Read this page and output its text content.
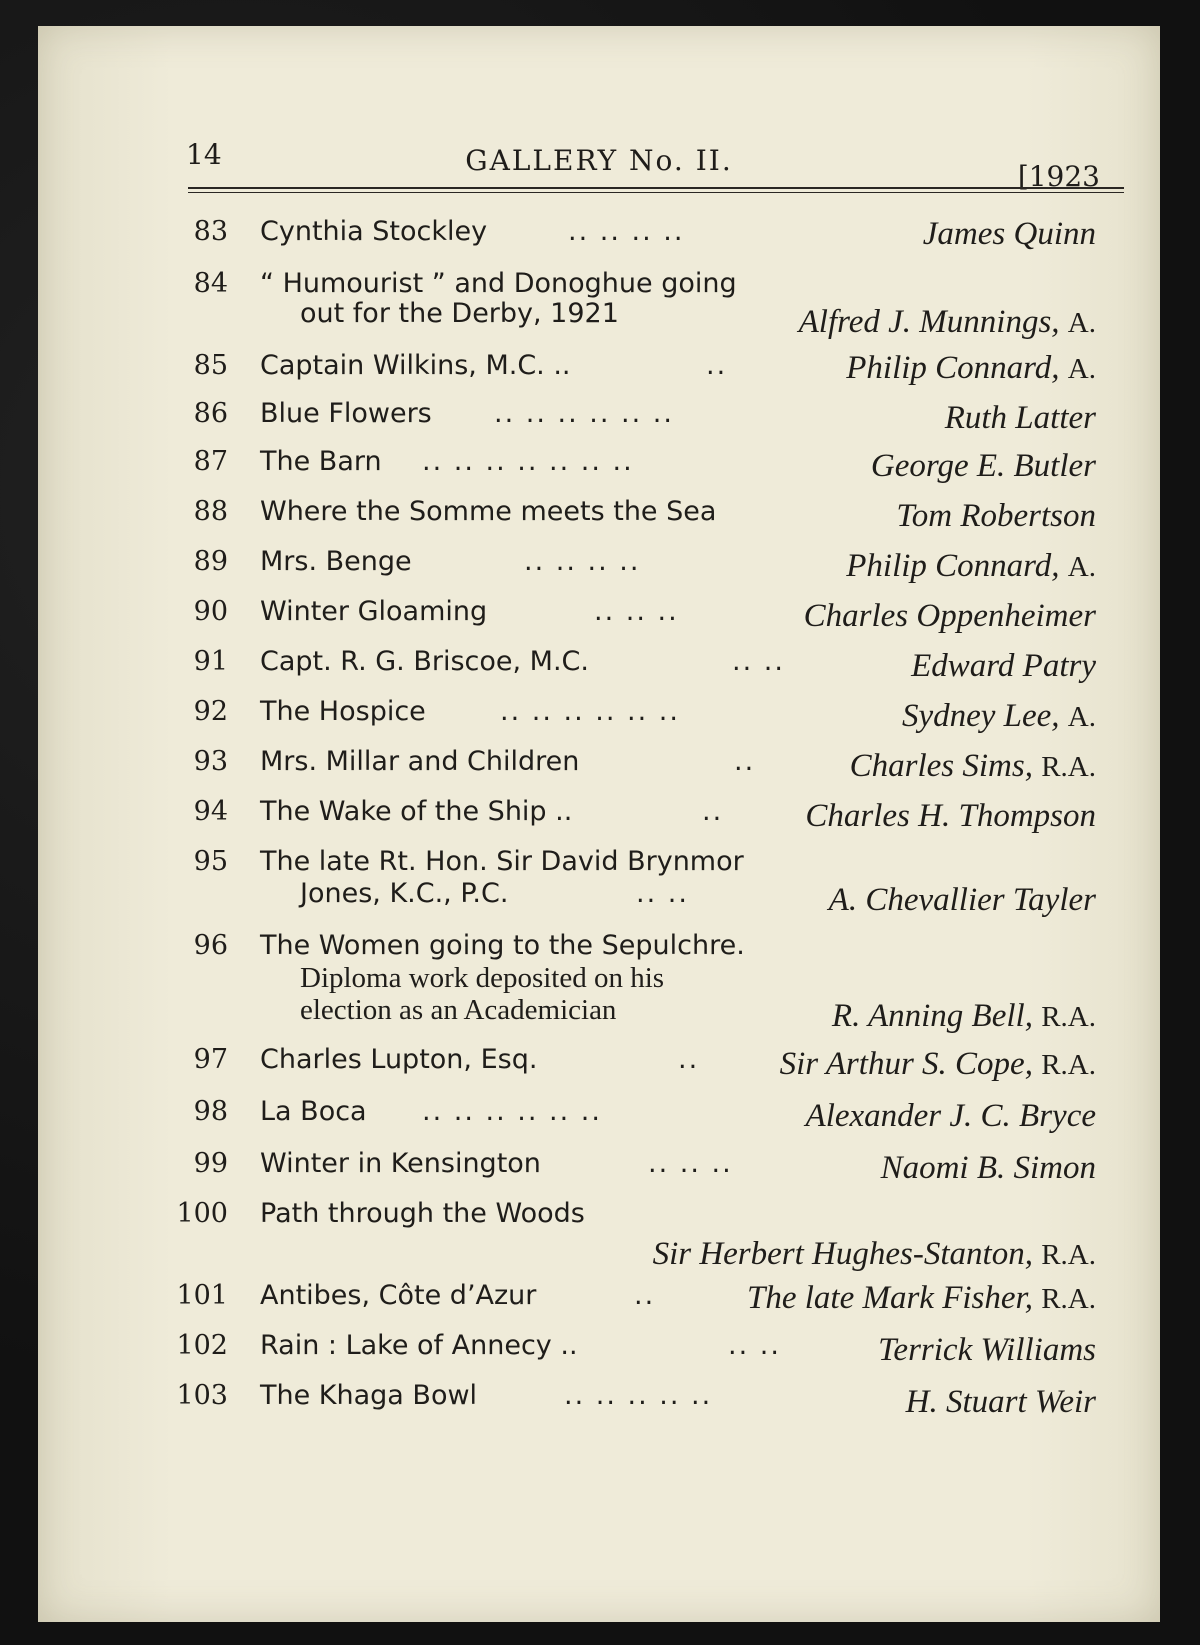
14	GALLERY No. II.	[1923
83 Cynthia Stockley	.. .. .. ..	James Quinn
84 “ Humourist ” and Donoghue going
out for the Derby, 1921	Alfred J. Munnings, A.
85 Captain Wilkins, M.C. ..	..	Philip Connard, A.
86 Blue Flowers .. .. .. .. .. ..	Ruth Latter
87 The Barn .. .. .. .. .. .. ..	George E. Butler
88 Where the Somme meets the Sea	Tom Robertson
89 Mrs. Benge	.. .. .. ..	Philip Connard, A.
90 Winter Gloaming	.. .. ..	Charles Oppenheimer
91 Capt. R. G. Briscoe, M.C.	.. ..	Edward Patry
92 The Hospice	.. .. .. .. .. ..	Sydney Lee, A.
93 Mrs. Millar and Children	..	Charles Sims, R.A.
94 The Wake of the Ship ..	.. Charles H. Thompson
95 The late Rt. Hon. Sir David Brynmor
Jones, K.C., P.C.	.. ..	A. Chevallier Tayler
96 The Women going to the Sepulchre.
Diploma work deposited on his
election as an Academician	R. Anning Bell, R.A.
97 Charles Lupton, Esq.	.. Sir Arthur S. Cope, R.A.
98 La Boca .. .. .. .. .. ..	Alexander J. C. Bryce
99 Winter in Kensington	.. .. ..	Naomi B. Simon
100 Path through the Woods
Sir Herbert Hughes-Stanton, R.A.
101 Antibes, Côte d’Azur	..	The late Mark Fisher, R.A.
102 Rain : Lake of Annecy ..	.. ..	Terrick Williams
103 The Khaga Bowl	.. .. .. .. ..	H. Stuart Weir
